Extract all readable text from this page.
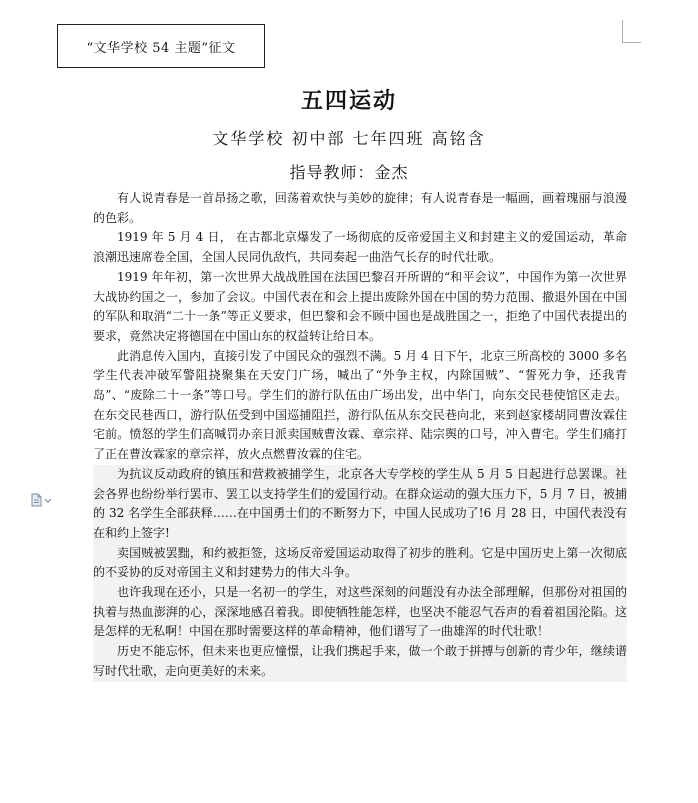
“文华学校 54 主题”征文
五四运动
文华学校 初中部 七年四班 高铭含
指导教师：金杰

有人说青春是一首昂扬之歌，回荡着欢快与美妙的旋律；有人说青春是一幅画，画着瑰丽与浪漫的色彩。

1919 年 5 月 4 日， 在古都北京爆发了一场彻底的反帝爱国主义和封建主义的爱国运动，革命浪潮迅速席卷全国，全国人民同仇敌忾，共同奏起一曲浩气长存的时代壮歌。

1919 年年初，第一次世界大战战胜国在法国巴黎召开所谓的“和平会议”，中国作为第一次世界大战协约国之一，参加了会议。中国代表在和会上提出废除外国在中国的势力范围、撤退外国在中国的军队和取消“二十一条”等正义要求，但巴黎和会不顾中国也是战胜国之一，拒绝了中国代表提出的要求，竟然决定将德国在中国山东的权益转让给日本。

此消息传入国内，直接引发了中国民众的强烈不满。5 月 4 日下午，北京三所高校的 3000 多名学生代表冲破军警阻挠聚集在天安门广场，喊出了“外争主权，内除国贼”、“誓死力争，还我青岛”、“废除二十一条”等口号。学生们的游行队伍由广场出发，出中华门，向东交民巷使馆区走去。在东交民巷西口，游行队伍受到中国巡捕阻拦，游行队伍从东交民巷向北，来到赵家楼胡同曹汝霖住宅前。愤怒的学生们高喊罚办亲日派卖国贼曹汝霖、章宗祥、陆宗舆的口号，冲入曹宅。学生们痛打了正在曹汝霖家的章宗祥，放火点燃曹汝霖的住宅。

为抗议反动政府的镇压和营救被捕学生，北京各大专学校的学生从 5 月 5 日起进行总罢课。社会各界也纷纷举行罢市、罢工以支持学生们的爱国行动。在群众运动的强大压力下，5 月 7 日，被捕的 32 名学生全部获释……在中国勇士们的不断努力下，中国人民成功了!6 月 28 日，中国代表没有在和约上签字!

卖国贼被罢黜，和约被拒签，这场反帝爱国运动取得了初步的胜利。它是中国历史上第一次彻底的不妥协的反对帝国主义和封建势力的伟大斗争。

也许我现在还小，只是一名初一的学生，对这些深刻的问题没有办法全部理解，但那份对祖国的执着与热血澎湃的心，深深地感召着我。即使牺牲能怎样，也坚决不能忍气吞声的看着祖国沦陷。这是怎样的无私啊！中国在那时需要这样的革命精神，他们谱写了一曲雄浑的时代壮歌！

历史不能忘怀，但未来也更应憧憬，让我们携起手来，做一个敢于拼搏与创新的青少年，继续谱写时代壮歌，走向更美好的未来。
